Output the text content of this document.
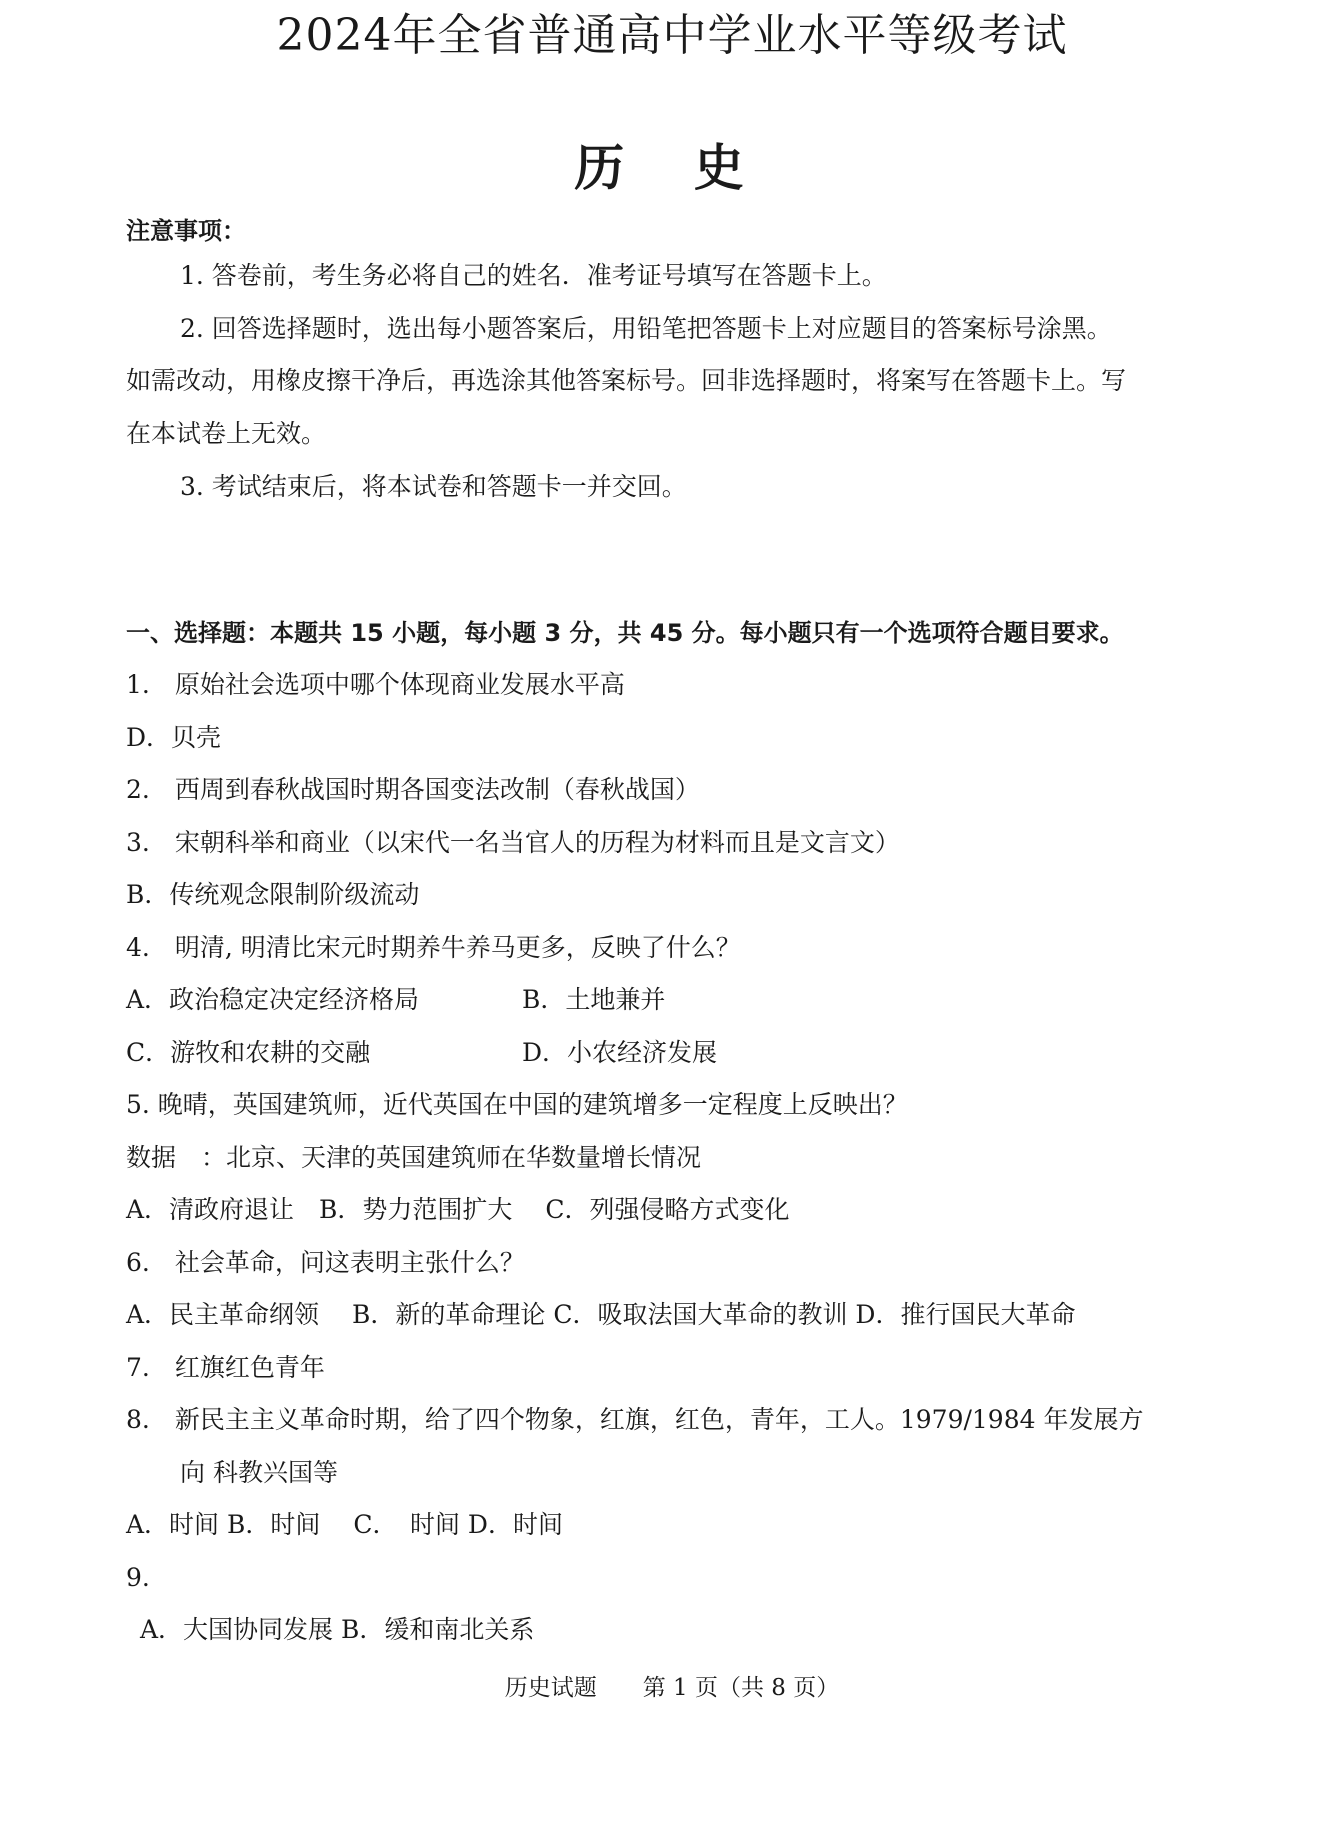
2024年全省普通高中学业水平等级考试
历 史
注意事项：
1. 答卷前，考生务必将自己的姓名．准考证号填写在答题卡上。
2. 回答选择题时，选出每小题答案后，用铅笔把答题卡上对应题目的答案标号涂黑。
如需改动，用橡皮擦干净后，再选涂其他答案标号。回非选择题时，将案写在答题卡上。写
在本试卷上无效。
3. 考试结束后，将本试卷和答题卡一并交回。
一、选择题：本题共 15 小题，每小题 3 分，共 45 分。每小题只有一个选项符合题目要求。
1.　原始社会选项中哪个体现商业发展水平高
D．贝壳
2.　西周到春秋战国时期各国变法改制（春秋战国）
3.　宋朝科举和商业（以宋代一名当官人的历程为材料而且是文言文）
B．传统观念限制阶级流动
4.　明清, 明清比宋元时期养牛养马更多，反映了什么？
A．政治稳定决定经济格局	B．土地兼并
C．游牧和农耕的交融	D．小农经济发展
5. 晚晴，英国建筑师，近代英国在中国的建筑增多一定程度上反映出？
数据　：北京、天津的英国建筑师在华数量增长情况
A．清政府退让　B．势力范围扩大　 C．列强侵略方式变化
6.　社会革命，问这表明主张什么？
A．民主革命纲领　 B．新的革命理论 C．吸取法国大革命的教训 D．推行国民大革命
7.　红旗红色青年
8.　新民主主义革命时期，给了四个物象，红旗，红色，青年，工人。1979/1984 年发展方
向 科教兴国等
A．时间 B．时间　 C．　时间 D．时间
9.
A．大国协同发展 B．缓和南北关系
历史试题　　第 1 页（共 8 页）
